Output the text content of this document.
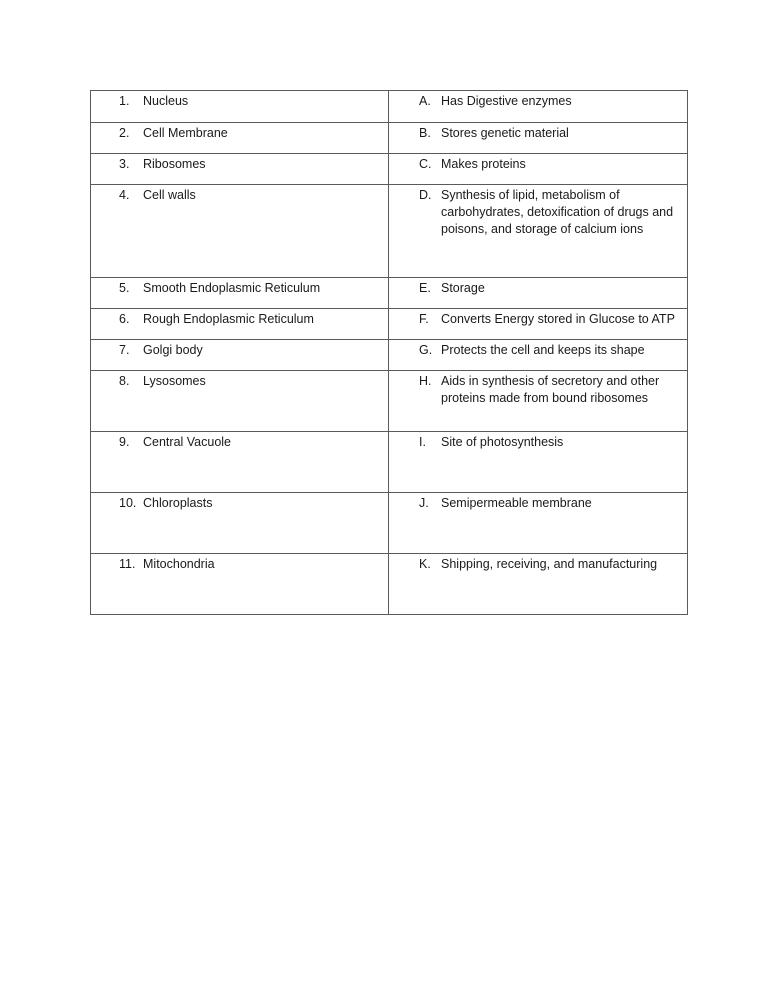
1. Nucleus	A. Has Digestive enzymes

2. Cell Membrane	B. Stores genetic material

3. Ribosomes	C. Makes proteins

4. Cell walls	D. Synthesis of lipid, metabolism of carbohydrates, detoxification of drugs and poisons, and storage of calcium ions

5. Smooth Endoplasmic Reticulum	E. Storage

6. Rough Endoplasmic Reticulum	F. Converts Energy stored in Glucose to ATP

7. Golgi body	G. Protects the cell and keeps its shape

8. Lysosomes	H. Aids in synthesis of secretory and other proteins made from bound ribosomes

9. Central Vacuole	I. Site of photosynthesis

10. Chloroplasts	J. Semipermeable membrane

11. Mitochondria	K. Shipping, receiving, and manufacturing
